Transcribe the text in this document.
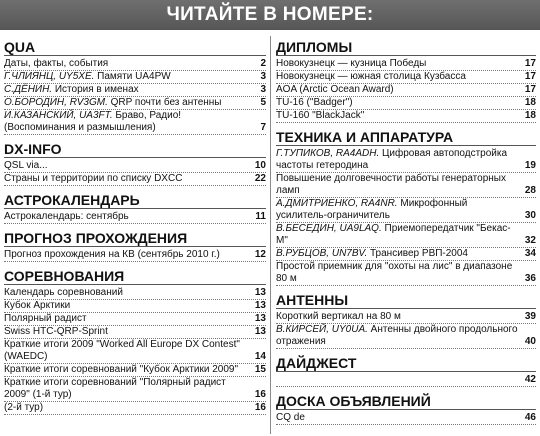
ЧИТАЙТЕ В НОМЕРЕ:
QUA
Даты, факты, события	2
Г.ЧЛИЯНЦ, UY5XE. Памяти UA4PW	3
С.ДЁНИН. История в именах	3
О.БОРОДИН, RV3GM. QRP почти без антенны	5
И.КАЗАНСКИЙ, UA3FT. Браво, Радио! (Воспоминания и размышления)	7
DX-INFO
QSL via...	10
Страны и территории по списку DXCC	22
АСТРОКАЛЕНДАРЬ
Астрокалендарь: сентябрь	11
ПРОГНОЗ ПРОХОЖДЕНИЯ
Прогноз прохождения на КВ (сентябрь 2010 г.)	12
СОРЕВНОВАНИЯ
Календарь соревнований	13
Кубок Арктики	13
Полярный радист	13
Swiss HTC-QRP-Sprint	13
Краткие итоги 2009 "Worked All Europe DX Contest" (WAEDC)	14
Краткие итоги соревнований "Кубок Арктики 2009"	15
Краткие итоги соревнований "Полярный радист 2009" (1-й тур)	16
(2-й тур)	16
ДИПЛОМЫ
Новокузнецк — кузница Победы	17
Новокузнецк — южная столица Кузбасса	17
AOA (Arctic Ocean Award)	17
TU-16 ("Badger")	18
TU-160 "BlackJack"	18
ТЕХНИКА И АППАРАТУРА
Г.ТУПИКОВ, RA4ADH. Цифровая автоподстройка частоты гетеродина	19
Повышение долговечности работы генераторных ламп	28
А.ДМИТРИЕНКО, RA4NR. Микрофонный усилитель-ограничитель	30
В.БЕСЕДИН, UA9LAQ. Приемопередатчик "Бекас-М"	32
В.РУБЦОВ, UN7BV. Трансивер РВП-2004	34
Простой приемник для "охоты на лис" в диапазоне 80 м	36
АНТЕННЫ
Короткий вертикал на 80 м	39
В.КИРСЕЙ, UY0UA. Антенны двойного продольного отражения	40
ДАЙДЖЕСТ

42
ДОСКА ОБЪЯВЛЕНИЙ
CQ de	46
